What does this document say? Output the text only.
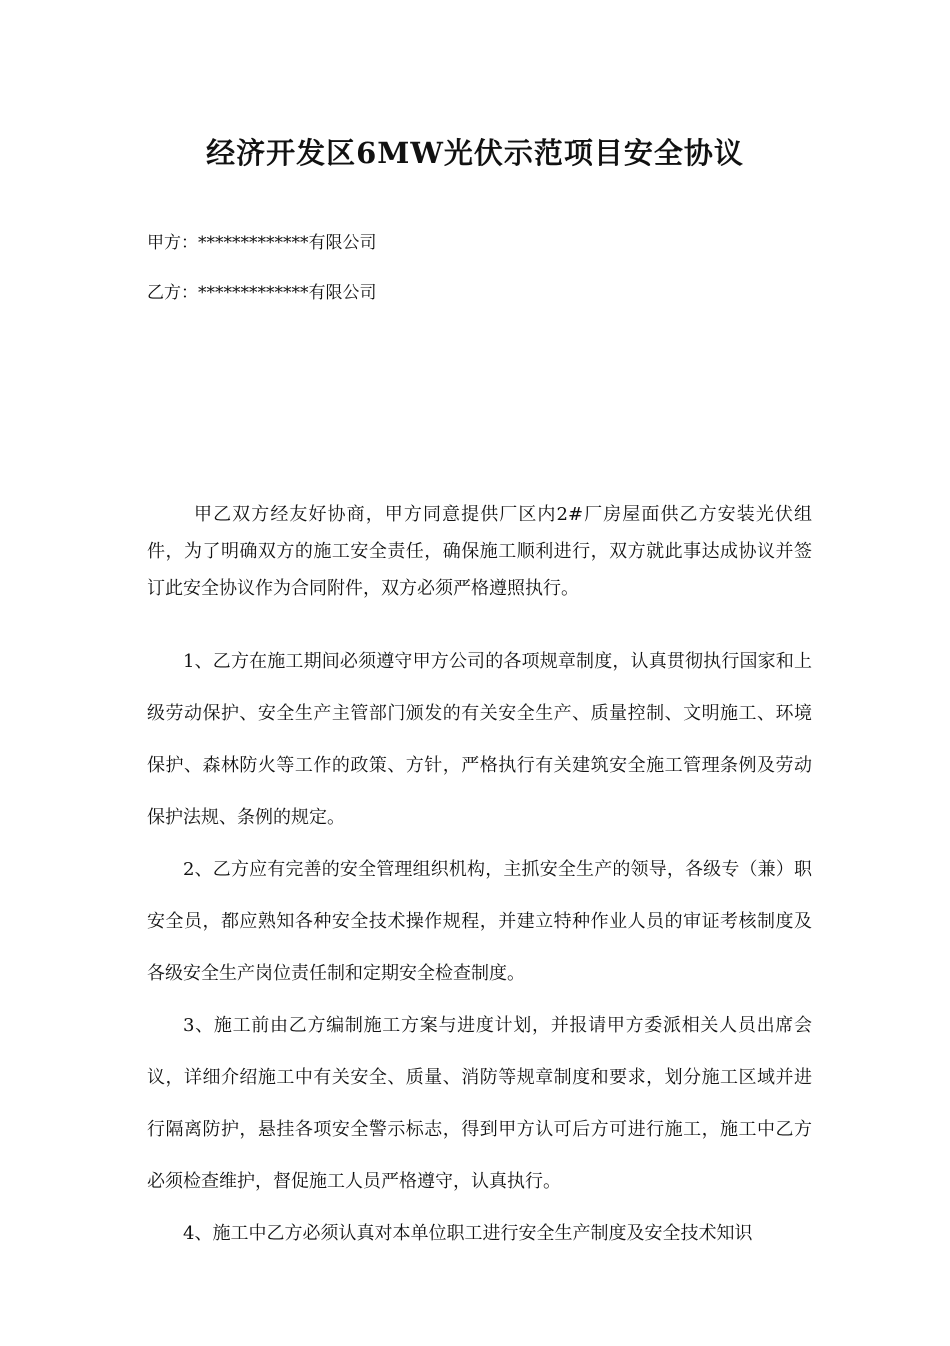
经济开发区6MW光伏示范项目安全协议
甲方：*************有限公司
乙方：*************有限公司

甲乙双方经友好协商，甲方同意提供厂区内2#厂房屋面供乙方安装光伏组件，为了明确双方的施工安全责任，确保施工顺利进行，双方就此事达成协议并签订此安全协议作为合同附件，双方必须严格遵照执行。

1、乙方在施工期间必须遵守甲方公司的各项规章制度，认真贯彻执行国家和上级劳动保护、安全生产主管部门颁发的有关安全生产、质量控制、文明施工、环境保护、森林防火等工作的政策、方针，严格执行有关建筑安全施工管理条例及劳动保护法规、条例的规定。

2、乙方应有完善的安全管理组织机构，主抓安全生产的领导，各级专（兼）职安全员，都应熟知各种安全技术操作规程，并建立特种作业人员的审证考核制度及各级安全生产岗位责任制和定期安全检查制度。

3、施工前由乙方编制施工方案与进度计划，并报请甲方委派相关人员出席会议，详细介绍施工中有关安全、质量、消防等规章制度和要求，划分施工区域并进行隔离防护，悬挂各项安全警示标志，得到甲方认可后方可进行施工，施工中乙方必须检查维护，督促施工人员严格遵守，认真执行。

4、施工中乙方必须认真对本单位职工进行安全生产制度及安全技术知识
